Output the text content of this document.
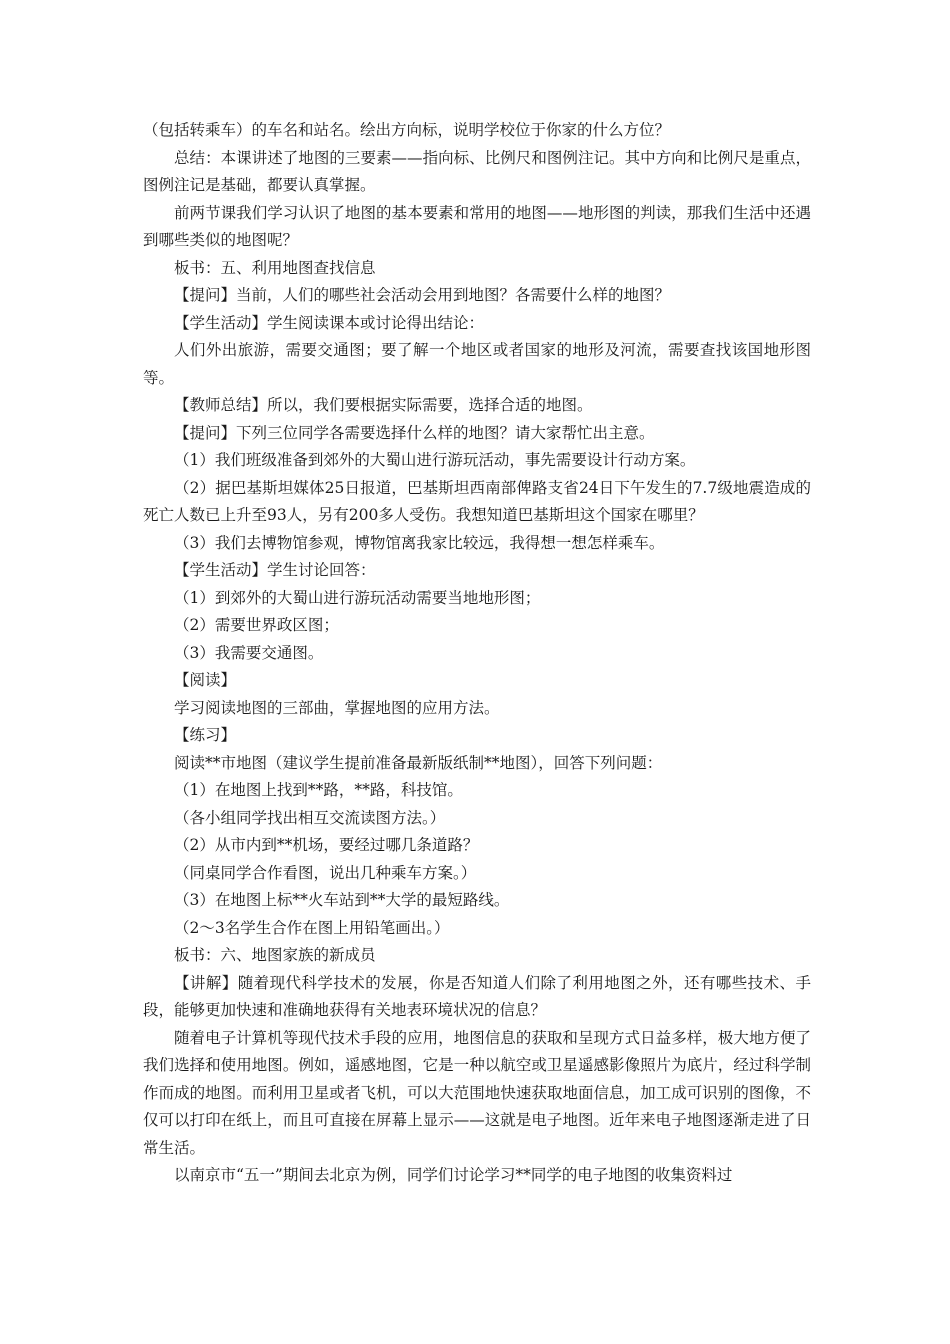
（包括转乘车）的车名和站名。绘出方向标，说明学校位于你家的什么方位？

总结：本课讲述了地图的三要素——指向标、比例尺和图例注记。其中方向和比例尺是重点，图例注记是基础，都要认真掌握。

前两节课我们学习认识了地图的基本要素和常用的地图——地形图的判读，那我们生活中还遇到哪些类似的地图呢？

板书：五、利用地图查找信息

【提问】当前，人们的哪些社会活动会用到地图？各需要什么样的地图？

【学生活动】学生阅读课本或讨论得出结论：

人们外出旅游，需要交通图；要了解一个地区或者国家的地形及河流，需要查找该国地形图等。

【教师总结】所以，我们要根据实际需要，选择合适的地图。

【提问】下列三位同学各需要选择什么样的地图？请大家帮忙出主意。

（1）我们班级准备到郊外的大蜀山进行游玩活动，事先需要设计行动方案。

（2）据巴基斯坦媒体25日报道，巴基斯坦西南部俾路支省24日下午发生的7.7级地震造成的死亡人数已上升至93人，另有200多人受伤。我想知道巴基斯坦这个国家在哪里？

（3）我们去博物馆参观，博物馆离我家比较远，我得想一想怎样乘车。

【学生活动】学生讨论回答：

（1）到郊外的大蜀山进行游玩活动需要当地地形图；

（2）需要世界政区图；

（3）我需要交通图。

【阅读】

学习阅读地图的三部曲，掌握地图的应用方法。

【练习】

阅读**市地图（建议学生提前准备最新版纸制**地图），回答下列问题：

（1）在地图上找到**路，**路，科技馆。

（各小组同学找出相互交流读图方法。）

（2）从市内到**机场，要经过哪几条道路？

（同桌同学合作看图，说出几种乘车方案。）

（3）在地图上标**火车站到**大学的最短路线。

（2～3名学生合作在图上用铅笔画出。）

板书：六、地图家族的新成员

【讲解】随着现代科学技术的发展，你是否知道人们除了利用地图之外，还有哪些技术、手段，能够更加快速和准确地获得有关地表环境状况的信息？

随着电子计算机等现代技术手段的应用，地图信息的获取和呈现方式日益多样，极大地方便了我们选择和使用地图。例如，遥感地图，它是一种以航空或卫星遥感影像照片为底片，经过科学制作而成的地图。而利用卫星或者飞机，可以大范围地快速获取地面信息，加工成可识别的图像，不仅可以打印在纸上，而且可直接在屏幕上显示——这就是电子地图。近年来电子地图逐渐走进了日常生活。

以南京市“五一”期间去北京为例，同学们讨论学习**同学的电子地图的收集资料过
